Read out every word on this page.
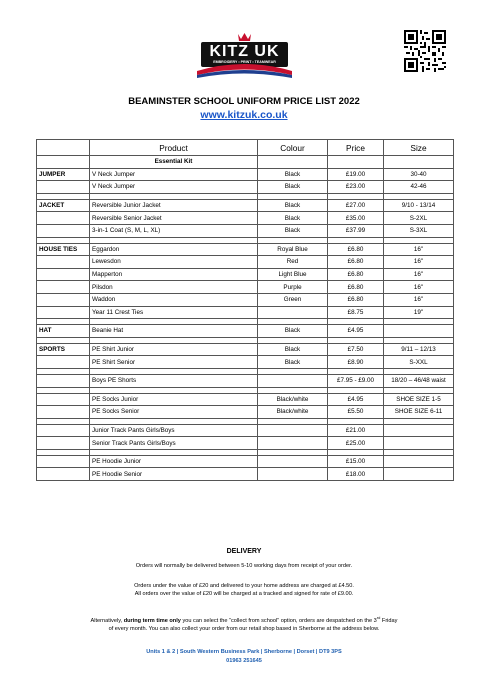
KITZ UK
EMBROIDERY • PRINT • TEAMWEAR
BEAMINSTER SCHOOL UNIFORM PRICE LIST 2022
www.kitzuk.co.uk
	Product	Colour	Price	Size
	Essential Kit			
JUMPER	V Neck Jumper	Black	£19.00	30-40
	V Neck Jumper	Black	£23.00	42-46

JACKET	Reversible Junior Jacket	Black	£27.00	9/10 - 13/14
	Reversible Senior Jacket	Black	£35.00	S-2XL
	3-in-1 Coat (S, M, L, XL)	Black	£37.99	S-3XL

HOUSE TIES	Eggardon	Royal Blue	£6.80	16"
	Lewesdon	Red	£6.80	16"
	Mapperton	Light Blue	£6.80	16"
	Pilsdon	Purple	£6.80	16"
	Waddon	Green	£6.80	16"
	Year 11 Crest Ties		£8.75	19"

HAT	Beanie Hat	Black	£4.95	

SPORTS	PE Shirt Junior	Black	£7.50	9/11 – 12/13
	PE Shirt Senior	Black	£8.90	S-XXL

	Boys PE Shorts		£7.95 - £9.00	18/20 – 46/48 waist

	PE Socks Junior	Black/white	£4.95	SHOE SIZE 1-5
	PE Socks Senior	Black/white	£5.50	SHOE SIZE 6-11

	Junior Track Pants Girls/Boys		£21.00	
	Senior Track Pants Girls/Boys		£25.00	

	PE Hoodie Junior		£15.00	
	PE Hoodie Senior		£18.00	
DELIVERY
Orders will normally be delivered between 5-10 working days from receipt of your order.
Orders under the value of £20 and delivered to your home address are charged at £4.50.
All orders over the value of £20 will be charged at a tracked and signed for rate of £9.00.
Alternatively, during term time only you can select the “collect from school” option, orders are despatched on the 3rd Friday
of every month. You can also collect your order from our retail shop based in Sherborne at the address below.
Units 1 & 2 | South Western Business Park | Sherborne | Dorset | DT9 3PS
01963 251645
